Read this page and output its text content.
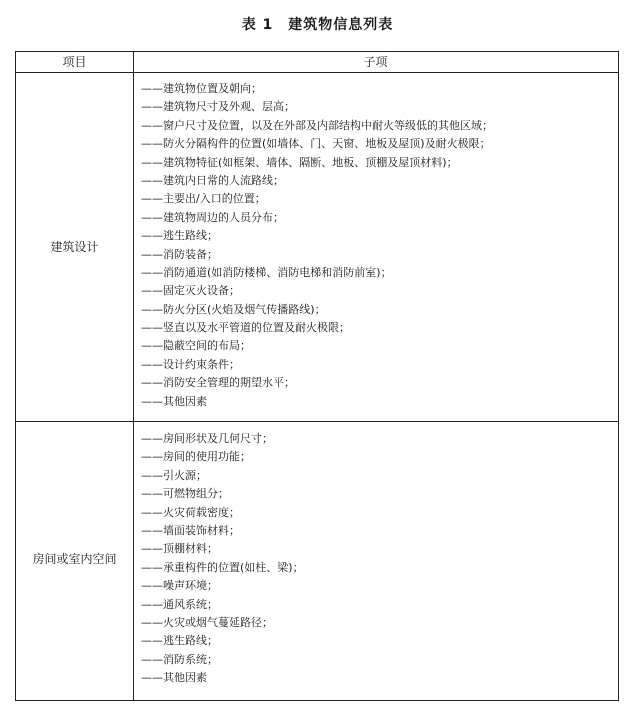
表 1　建筑物信息列表
项目	子项
建筑设计
——建筑物位置及朝向；
——建筑物尺寸及外观、层高；
——窗户尺寸及位置，以及在外部及内部结构中耐火等级低的其他区域；
——防火分隔构件的位置(如墙体、门、天窗、地板及屋顶)及耐火极限；
——建筑物特征(如框架、墙体、隔断、地板、顶棚及屋顶材料)；
——建筑内日常的人流路线；
——主要出/入口的位置；
——建筑物周边的人员分布；
——逃生路线；
——消防装备；
——消防通道(如消防楼梯、消防电梯和消防前室)；
——固定灭火设备；
——防火分区(火焰及烟气传播路线)；
——竖直以及水平管道的位置及耐火极限；
——隐蔽空间的布局；
——设计约束条件；
——消防安全管理的期望水平；
——其他因素
房间或室内空间
——房间形状及几何尺寸；
——房间的使用功能；
——引火源；
——可燃物组分；
——火灾荷载密度；
——墙面装饰材料；
——顶棚材料；
——承重构件的位置(如柱、梁)；
——噪声环境；
——通风系统；
——火灾或烟气蔓延路径；
——逃生路线；
——消防系统；
——其他因素
